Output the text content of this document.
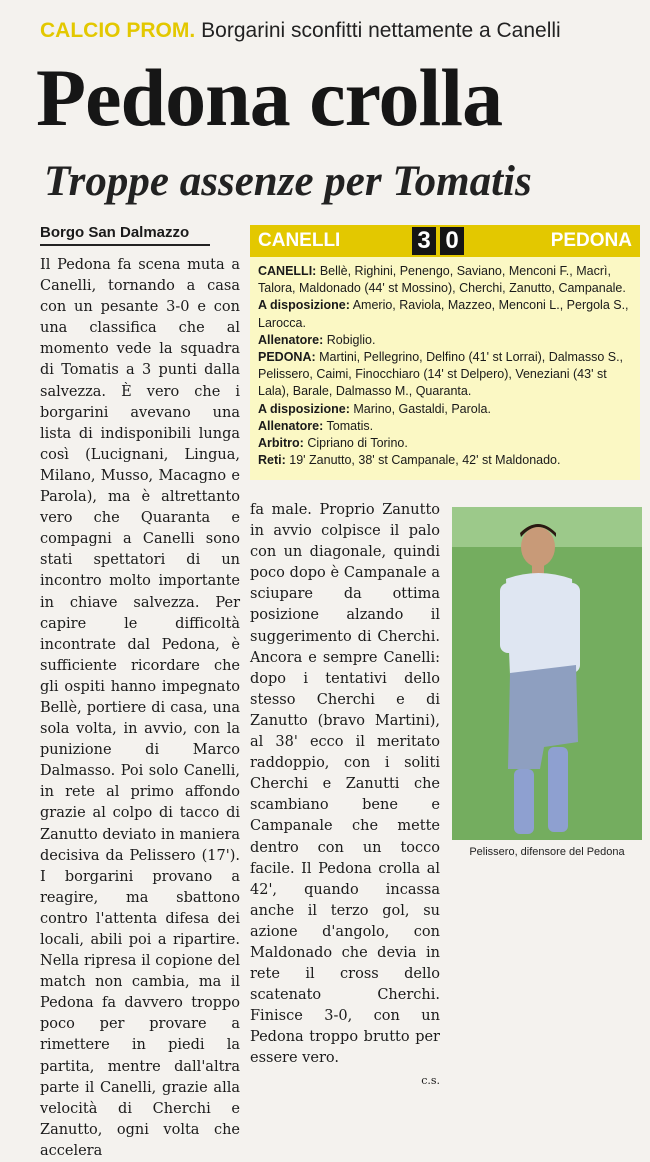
CALCIO PROM. Borgarini sconfitti nettamente a Canelli
Pedona crolla
Troppe assenze per Tomatis
Borgo San Dalmazzo

Il Pedona fa scena muta a Canelli, tornando a casa con un pesante 3-0 e con una classifica che al momento vede la squadra di Tomatis a 3 punti dalla salvezza. È vero che i borgarini avevano una lista di indisponibili lunga così (Lucignani, Lingua, Milano, Musso, Macagno e Parola), ma è altrettanto vero che Quaranta e compagni a Canelli sono stati spettatori di un incontro molto importante in chiave salvezza. Per capire le difficoltà incontrate dal Pedona, è sufficiente ricordare che gli ospiti hanno impegnato Bellè, portiere di casa, una sola volta, in avvio, con la punizione di Marco Dalmasso. Poi solo Canelli, in rete al primo affondo grazie al colpo di tacco di Zanutto deviato in maniera decisiva da Pelissero (17'). I borgarini provano a reagire, ma sbattono contro l'attenta difesa dei locali, abili poi a ripartire. Nella ripresa il copione del match non cambia, ma il Pedona fa davvero troppo poco per provare a rimettere in piedi la partita, mentre dall'altra parte il Canelli, grazie alla velocità di Cherchi e Zanutto, ogni volta che accelera

CANELLI	3 0	PEDONA

CANELLI: Bellè, Righini, Penengo, Saviano, Menconi F., Macrì, Talora, Maldonado (44' st Mossino), Cherchi, Zanutto, Campanale.

A disposizione: Amerio, Raviola, Mazzeo, Menconi L., Pergola S., Larocca.

Allenatore: Robiglio.

PEDONA: Martini, Pellegrino, Delfino (41' st Lorrai), Dalmasso S., Pelissero, Caimi, Finocchiaro (14' st Delpero), Veneziani (43' st Lala), Barale, Dalmasso M., Quaranta.

A disposizione: Marino, Gastaldi, Parola.

Allenatore: Tomatis.

Arbitro: Cipriano di Torino.

Reti: 19' Zanutto, 38' st Campanale, 42' st Maldonado.

fa male. Proprio Zanutto in avvio colpisce il palo con un diagonale, quindi poco dopo è Campanale a sciupare da ottima posizione alzando il suggerimento di Cherchi. Ancora e sempre Canelli: dopo i tentativi dello stesso Cherchi e di Zanutto (bravo Martini), al 38' ecco il meritato raddoppio, con i soliti Cherchi e Zanutti che scambiano bene e Campanale che mette dentro con un tocco facile. Il Pedona crolla al 42', quando incassa anche il terzo gol, su azione d'angolo, con Maldonado che devia in rete il cross dello scatenato Cherchi. Finisce 3-0, con un Pedona troppo brutto per essere vero.

c.s.
Pelissero, difensore del Pedona
